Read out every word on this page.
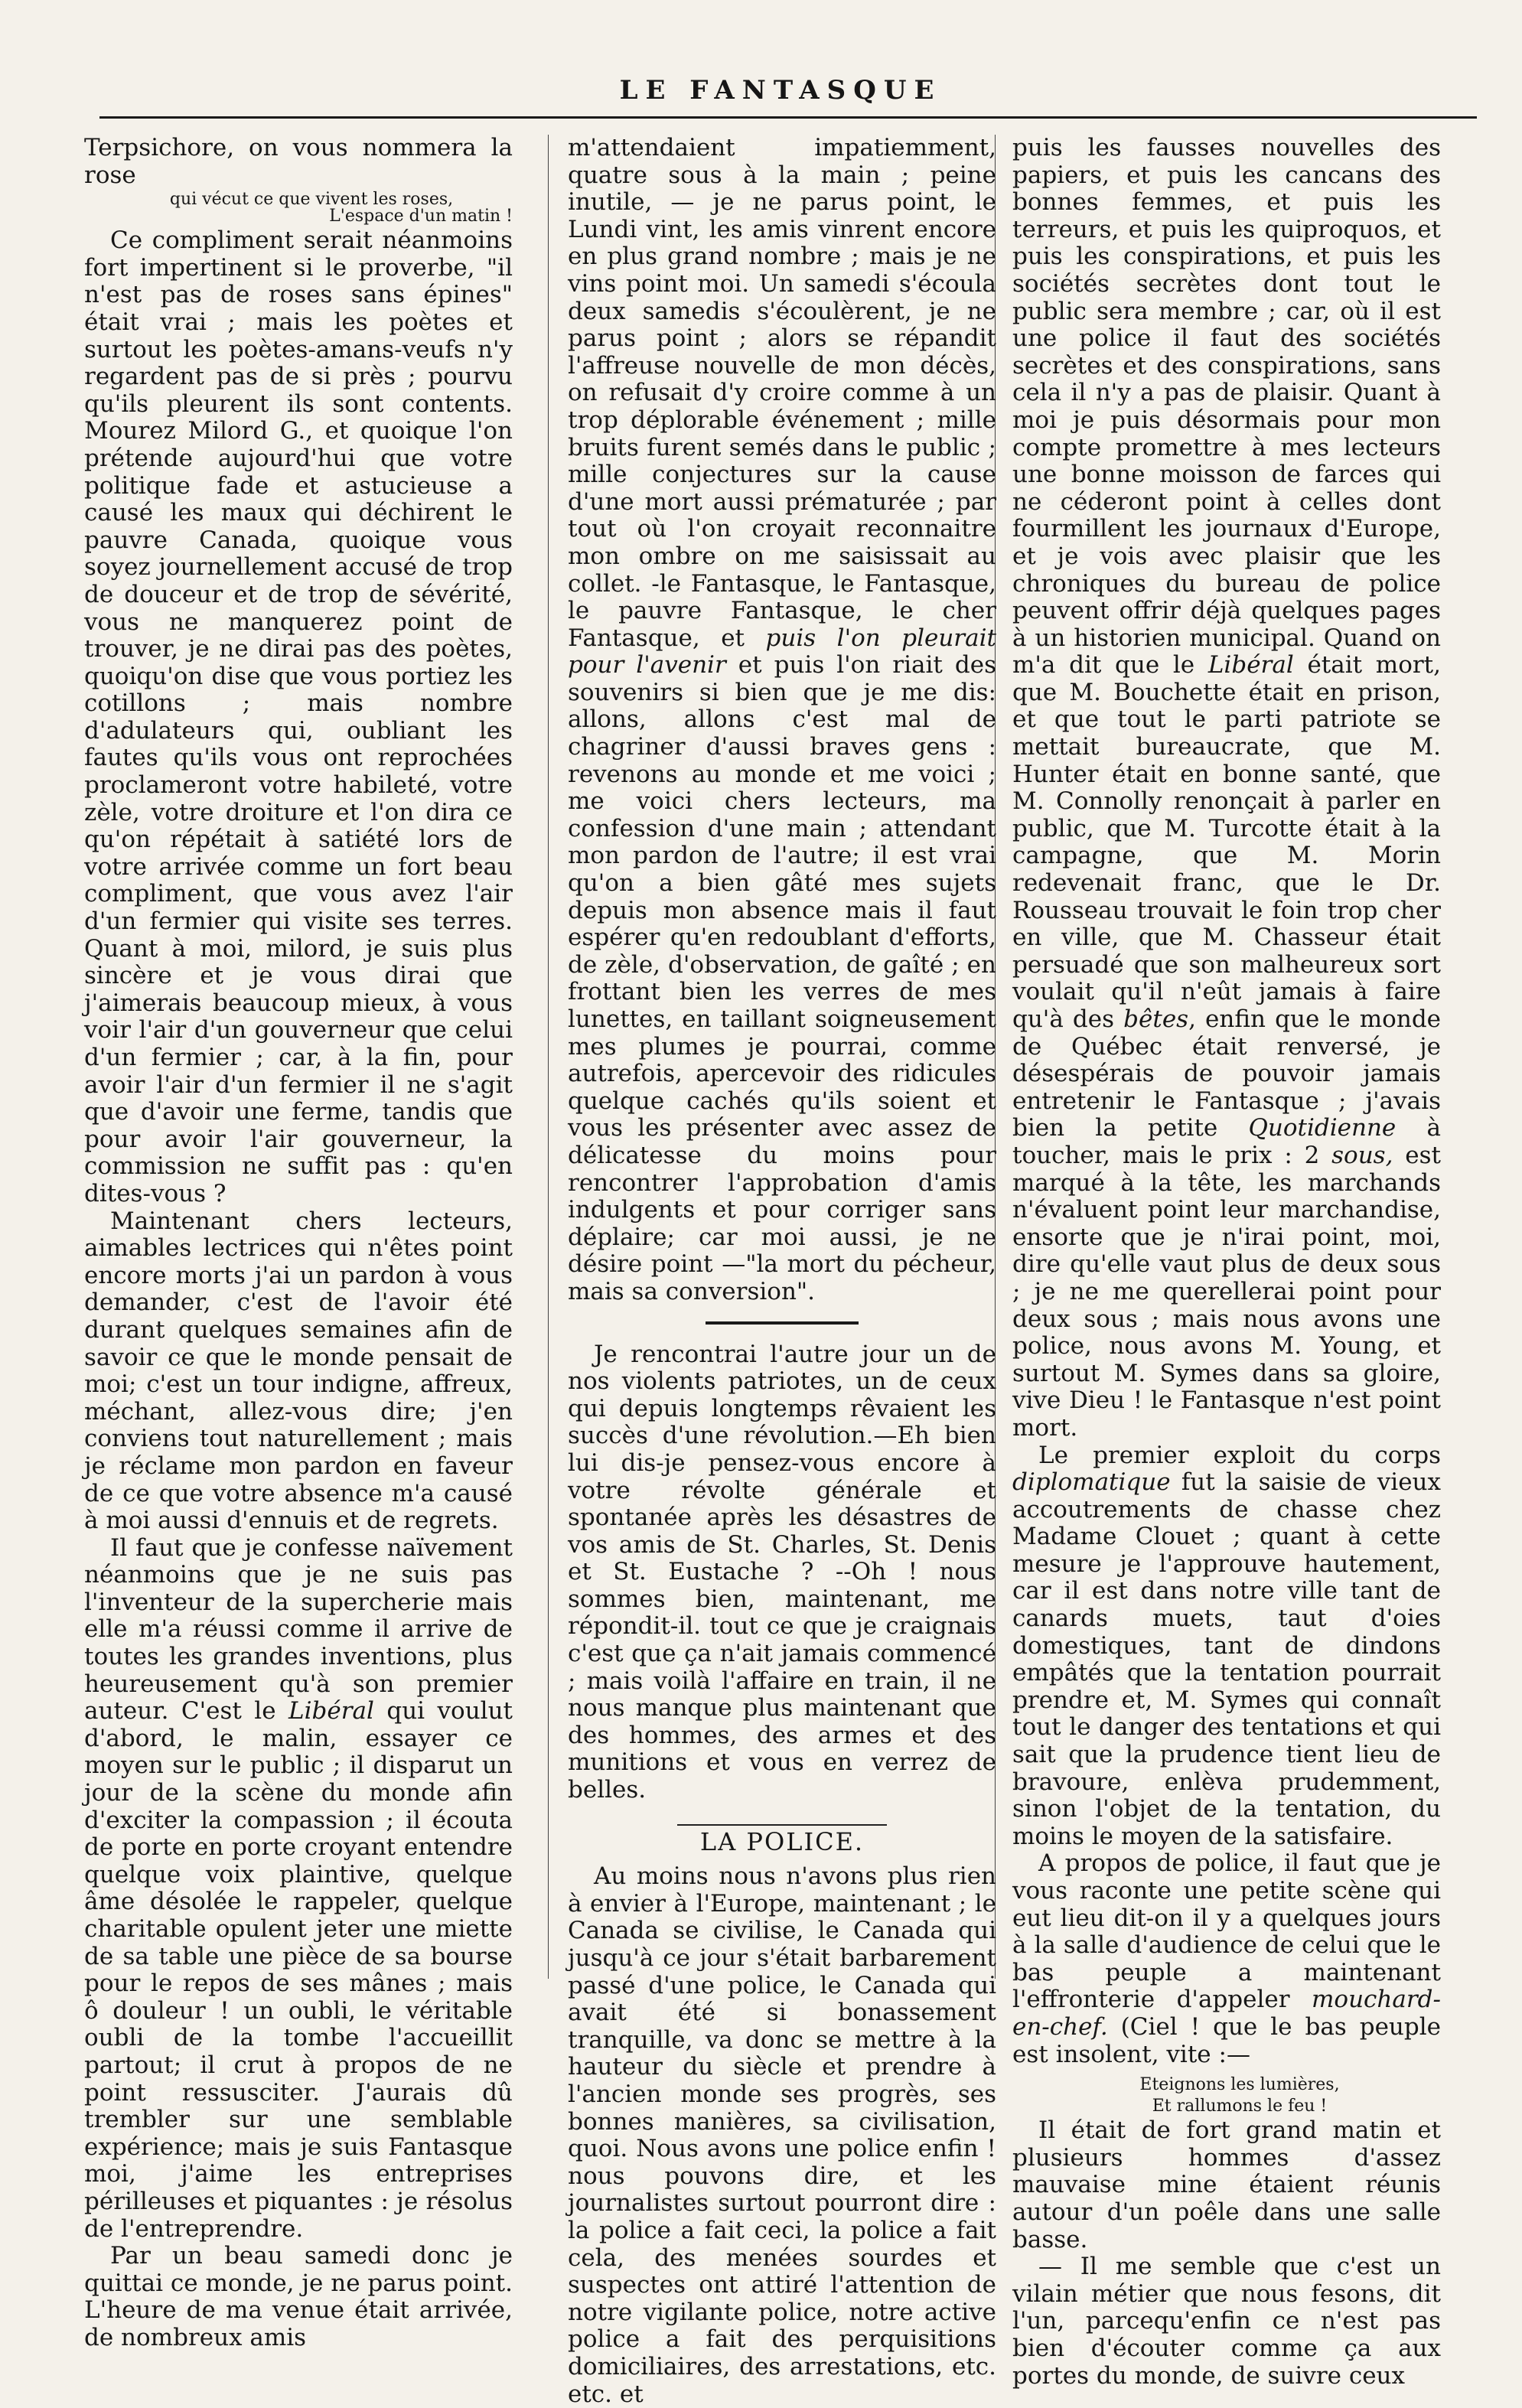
LE FANTASQUE

Terpsichore, on vous nommera la rose

qui vécut ce que vivent les roses,

L'espace d'un matin !

Ce compliment serait néanmoins fort impertinent si le proverbe, "il n'est pas de roses sans épines" était vrai ; mais les poètes et surtout les poètes-amans-veufs n'y regardent pas de si près ; pourvu qu'ils pleurent ils sont contents. Mourez Milord G., et quoique l'on prétende aujourd'hui que votre politique fade et astucieuse a causé les maux qui déchirent le pauvre Canada, quoique vous soyez journellement accusé de trop de douceur et de trop de sévérité, vous ne manquerez point de trouver, je ne dirai pas des poètes, quoiqu'on dise que vous portiez les cotillons ; mais nombre d'adulateurs qui, oubliant les fautes qu'ils vous ont reprochées proclameront votre habileté, votre zèle, votre droiture et l'on dira ce qu'on répétait à satiété lors de votre arrivée comme un fort beau compliment, que vous avez l'air d'un fermier qui visite ses terres. Quant à moi, milord, je suis plus sincère et je vous dirai que j'aimerais beaucoup mieux, à vous voir l'air d'un gouverneur que celui d'un fermier ; car, à la fin, pour avoir l'air d'un fermier il ne s'agit que d'avoir une ferme, tandis que pour avoir l'air gouverneur, la commission ne suffit pas : qu'en dites-vous ?

Maintenant chers lecteurs, aimables lectrices qui n'êtes point encore morts j'ai un pardon à vous demander, c'est de l'avoir été durant quelques semaines afin de savoir ce que le monde pensait de moi; c'est un tour indigne, affreux, méchant, allez-vous dire; j'en conviens tout naturellement ; mais je réclame mon pardon en faveur de ce que votre absence m'a causé à moi aussi d'ennuis et de regrets.

Il faut que je confesse naïvement néanmoins que je ne suis pas l'inventeur de la supercherie mais elle m'a réussi comme il arrive de toutes les grandes inventions, plus heureusement qu'à son premier auteur. C'est le Libéral qui voulut d'abord, le malin, essayer ce moyen sur le public ; il disparut un jour de la scène du monde afin d'exciter la compassion ; il écouta de porte en porte croyant entendre quelque voix plaintive, quelque âme désolée le rappeler, quelque charitable opulent jeter une miette de sa table une pièce de sa bourse pour le repos de ses mânes ; mais ô douleur ! un oubli, le véritable oubli de la tombe l'accueillit partout; il crut à propos de ne point ressusciter. J'aurais dû trembler sur une semblable expérience; mais je suis Fantasque moi, j'aime les entreprises périlleuses et piquantes : je résolus de l'entreprendre.

Par un beau samedi donc je quittai ce monde, je ne parus point. L'heure de ma venue était arrivée, de nombreux amis

m'attendaient impatiemment, quatre sous à la main ; peine inutile, — je ne parus point, le Lundi vint, les amis vinrent encore en plus grand nombre ; mais je ne vins point moi. Un samedi s'écoula deux samedis s'écoulèrent, je ne parus point ; alors se répandit l'affreuse nouvelle de mon décès, on refusait d'y croire comme à un trop déplorable événement ; mille bruits furent semés dans le public ; mille conjectures sur la cause d'une mort aussi prématurée ; par tout où l'on croyait reconnaitre mon ombre on me saisissait au collet. -le Fantasque, le Fantasque, le pauvre Fantasque, le cher Fantasque, et puis l'on pleurait pour l'avenir et puis l'on riait des souvenirs si bien que je me dis: allons, allons c'est mal de chagriner d'aussi braves gens : revenons au monde et me voici ; me voici chers lecteurs, ma confession d'une main ; attendant mon pardon de l'autre; il est vrai qu'on a bien gâté mes sujets depuis mon absence mais il faut espérer qu'en redoublant d'efforts, de zèle, d'observation, de gaîté ; en frottant bien les verres de mes lunettes, en taillant soigneusement mes plumes je pourrai, comme autrefois, apercevoir des ridicules quelque cachés qu'ils soient et vous les présenter avec assez de délicatesse du moins pour rencontrer l'approbation d'amis indulgents et pour corriger sans déplaire; car moi aussi, je ne désire point —"la mort du pécheur, mais sa conversion".

Je rencontrai l'autre jour un de nos violents patriotes, un de ceux qui depuis longtemps rêvaient les succès d'une révolution.—Eh bien lui dis-je pensez-vous encore à votre révolte générale et spontanée après les désastres de vos amis de St. Charles, St. Denis et St. Eustache ? --Oh ! nous sommes bien, maintenant, me répondit-il. tout ce que je craignais c'est que ça n'ait jamais commencé ; mais voilà l'affaire en train, il ne nous manque plus maintenant que des hommes, des armes et des munitions et vous en verrez de belles.

LA POLICE.

Au moins nous n'avons plus rien à envier à l'Europe, maintenant ; le Canada se civilise, le Canada qui jusqu'à ce jour s'était barbarement passé d'une police, le Canada qui avait été si bonassement tranquille, va donc se mettre à la hauteur du siècle et prendre à l'ancien monde ses progrès, ses bonnes manières, sa civilisation, quoi. Nous avons une police enfin ! nous pouvons dire, et les journalistes surtout pourront dire : la police a fait ceci, la police a fait cela, des menées sourdes et suspectes ont attiré l'attention de notre vigilante police, notre active police a fait des perquisitions domiciliaires, des arrestations, etc. etc. et

puis les fausses nouvelles des papiers, et puis les cancans des bonnes femmes, et puis les terreurs, et puis les quiproquos, et puis les conspirations, et puis les sociétés secrètes dont tout le public sera membre ; car, où il est une police il faut des sociétés secrètes et des conspirations, sans cela il n'y a pas de plaisir. Quant à moi je puis désormais pour mon compte promettre à mes lecteurs une bonne moisson de farces qui ne céderont point à celles dont fourmillent les journaux d'Europe, et je vois avec plaisir que les chroniques du bureau de police peuvent offrir déjà quelques pages à un historien municipal. Quand on m'a dit que le Libéral était mort, que M. Bouchette était en prison, et que tout le parti patriote se mettait bureaucrate, que M. Hunter était en bonne santé, que M. Connolly renonçait à parler en public, que M. Turcotte était à la campagne, que M. Morin redevenait franc, que le Dr. Rousseau trouvait le foin trop cher en ville, que M. Chasseur était persuadé que son malheureux sort voulait qu'il n'eût jamais à faire qu'à des bêtes, enfin que le monde de Québec était renversé, je désespérais de pouvoir jamais entretenir le Fantasque ; j'avais bien la petite Quotidienne à toucher, mais le prix : 2 sous, est marqué à la tête, les marchands n'évaluent point leur marchandise, ensorte que je n'irai point, moi, dire qu'elle vaut plus de deux sous ; je ne me querellerai point pour deux sous ; mais nous avons une police, nous avons M. Young, et surtout M. Symes dans sa gloire, vive Dieu ! le Fantasque n'est point mort.

Le premier exploit du corps diplomatique fut la saisie de vieux accoutrements de chasse chez Madame Clouet ; quant à cette mesure je l'approuve hautement, car il est dans notre ville tant de canards muets, taut d'oies domestiques, tant de dindons empâtés que la tentation pourrait prendre et, M. Symes qui connaît tout le danger des tentations et qui sait que la prudence tient lieu de bravoure, enlèva prudemment, sinon l'objet de la tentation, du moins le moyen de la satisfaire.

A propos de police, il faut que je vous raconte une petite scène qui eut lieu dit-on il y a quelques jours à la salle d'audience de celui que le bas peuple a maintenant l'effronterie d'appeler mouchard-en-chef. (Ciel ! que le bas peuple est insolent, vite :—

Eteignons les lumières,

Et rallumons le feu !

Il était de fort grand matin et plusieurs hommes d'assez mauvaise mine étaient réunis autour d'un poêle dans une salle basse.

— Il me semble que c'est un vilain métier que nous fesons, dit l'un, parcequ'enfin ce n'est pas bien d'écouter comme ça aux portes du monde, de suivre ceux
